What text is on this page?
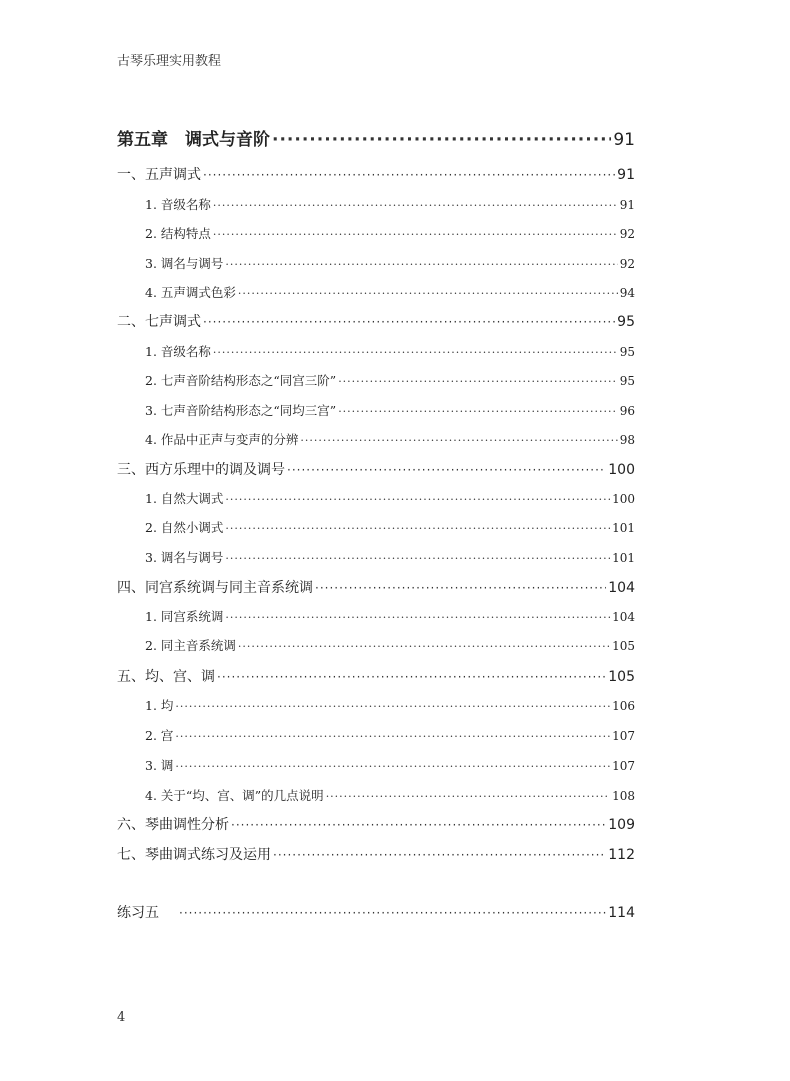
古琴乐理实用教程
第五章　调式与音阶 ·····	91
一、五声调式 ·····	91
1. 音级名称 ·····	91
2. 结构特点 ·····	92
3. 调名与调号 ·····	92
4. 五声调式色彩 ·····	94
二、七声调式 ·····	95
1. 音级名称 ·····	95
2. 七声音阶结构形态之“同宫三阶” ·····	95
3. 七声音阶结构形态之“同均三宫” ·····	96
4. 作品中正声与变声的分辨 ·····	98
三、西方乐理中的调及调号 ·····	100
1. 自然大调式 ·····	100
2. 自然小调式 ·····	101
3. 调名与调号 ·····	101
四、同宫系统调与同主音系统调 ·····	104
1. 同宫系统调 ·····	104
2. 同主音系统调 ·····	105
五、均、宫、调 ·····	105
1. 均 ·····	106
2. 宫 ·····	107
3. 调 ·····	107
4. 关于“均、宫、调”的几点说明 ·····	108
六、琴曲调性分析 ·····	109
七、琴曲调式练习及运用 ·····	112
练习五 ·····	114
4
